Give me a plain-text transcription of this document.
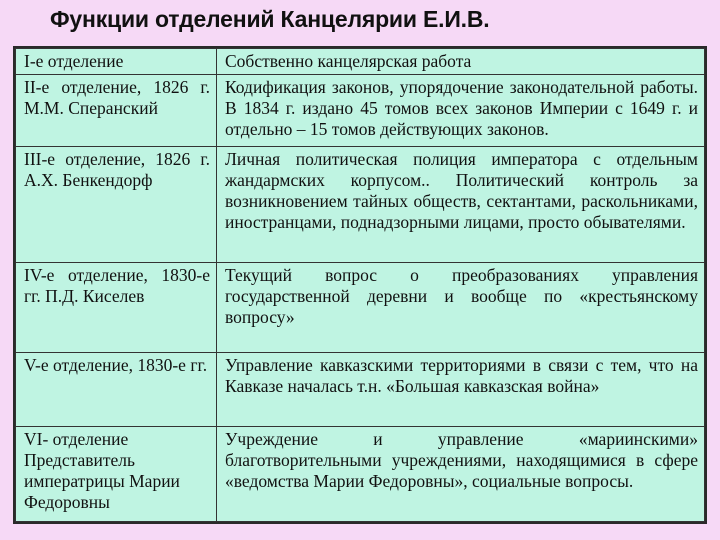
Функции отделений Канцелярии Е.И.В.
I-е отделение	Собственно канцелярская работа
II-е отделение, 1826 г. М.М. Сперанский	Кодификация законов, упорядочение законодательной работы. В 1834 г. издано 45 томов всех законов Империи с 1649 г. и отдельно – 15 томов действующих законов.
III-е отделение, 1826 г. А.Х. Бенкендорф	Личная политическая полиция императора с отдельным жандармских корпусом.. Политический контроль за возникновением тайных обществ, сектантами, раскольниками, иностранцами, поднадзорными лицами, просто обывателями.
IV-е отделение, 1830-е гг. П.Д. Киселев	Текущий вопрос о преобразованиях управления государственной деревни и вообще по «крестьянскому вопросу»
V-е отделение, 1830-е гг.	Управление кавказскими территориями в связи с тем, что на Кавказе началась т.н. «Большая кавказская война»
VI- отделение Представитель императрицы Марии Федоровны	Учреждение и управление «мариинскими» благотворительными учреждениями, находящимися в сфере «ведомства Марии Федоровны», социальные вопросы.
